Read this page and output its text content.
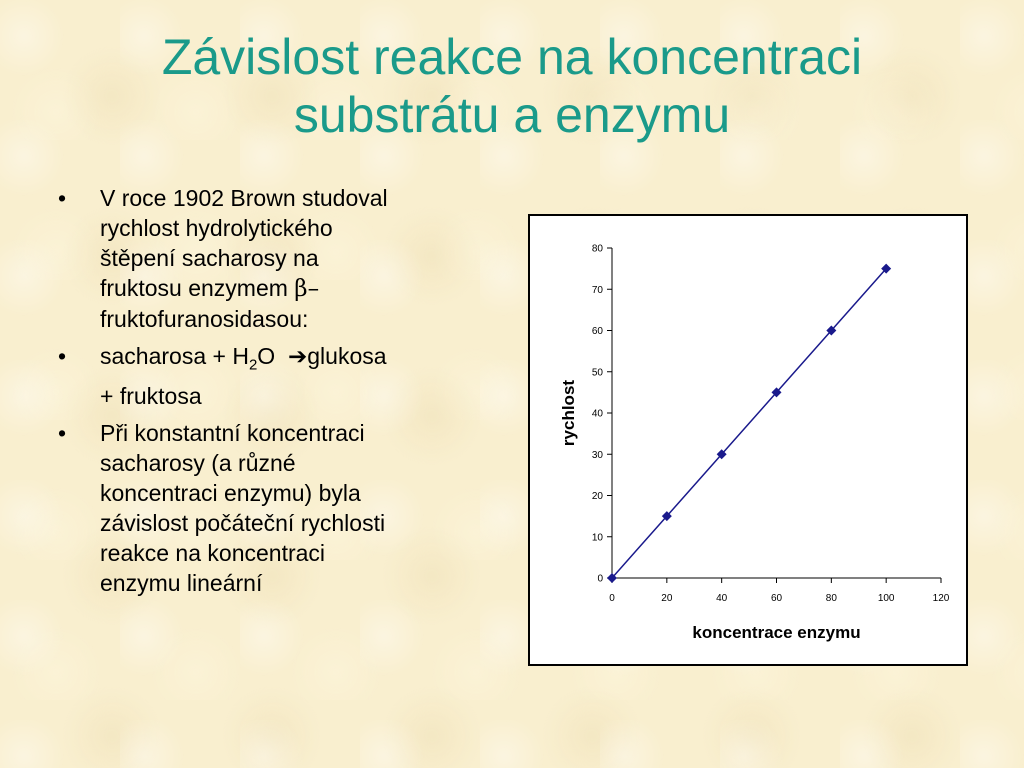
Závislost reakce na koncentraci
substrátu a enzymu
• V roce 1902 Brown studoval
rychlost hydrolytického
štěpení sacharosy na
fruktosu enzymem β–
fruktofuranosidasou:
• sacharosa + $H_2O$  ➔glukosa
+ fruktosa
• Při konstantní koncentraci
sacharosy (a různé
koncentraci enzymu) byla
závislost počáteční rychlosti
reakce na koncentraci
enzymu lineární	0
10
20
30
40
50
60
70
80
0	20	40	60	80	100	120
koncentrace enzymu
rychlost
